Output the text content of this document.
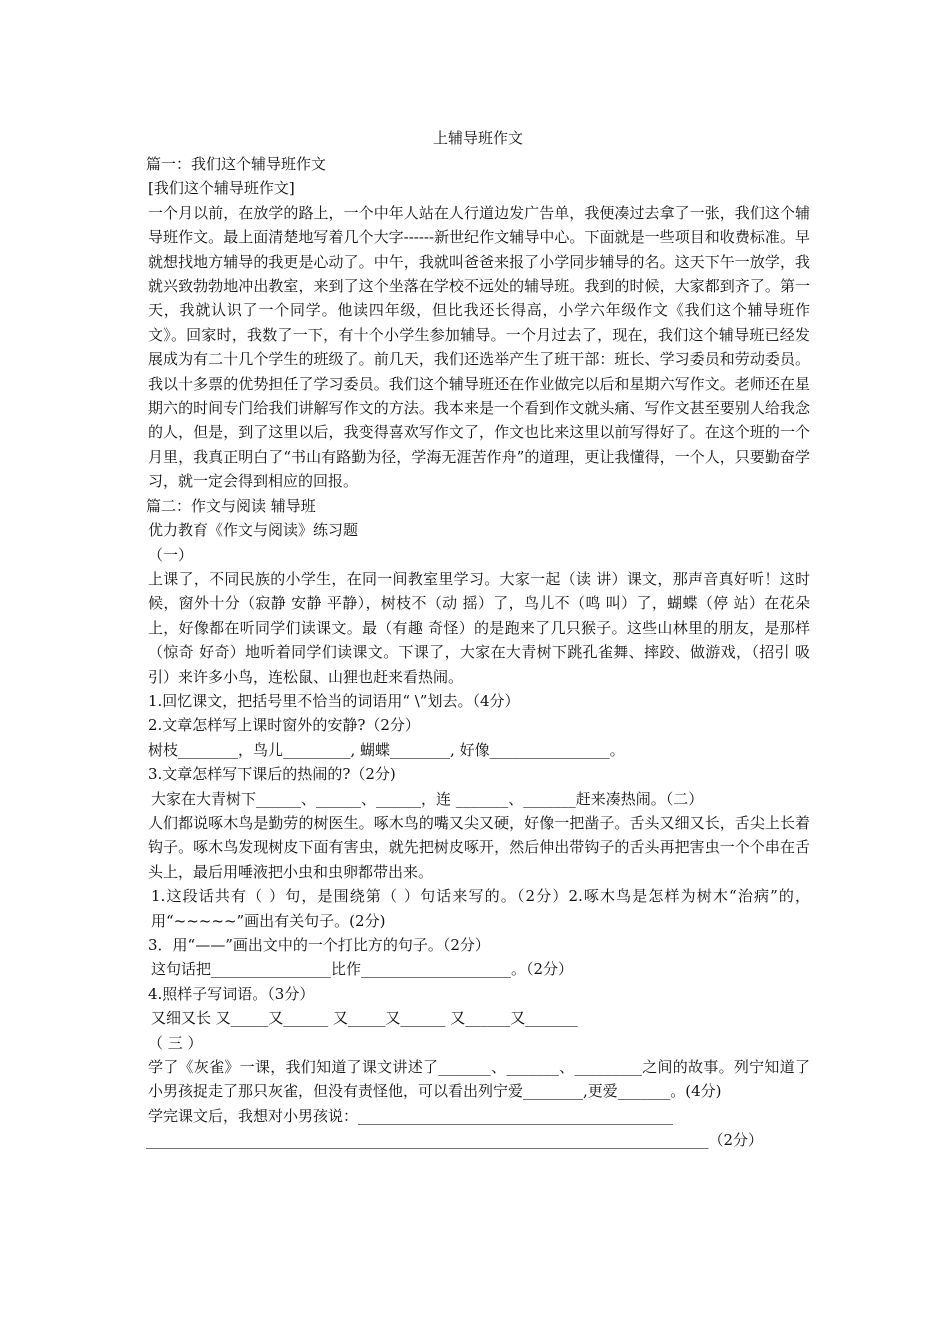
上辅导班作文

篇一：我们这个辅导班作文

[我们这个辅导班作文]

一个月以前，在放学的路上，一个中年人站在人行道边发广告单，我便凑过去拿了一张，我们这个辅导班作文。最上面清楚地写着几个大字------新世纪作文辅导中心。下面就是一些项目和收费标准。早就想找地方辅导的我更是心动了。中午，我就叫爸爸来报了小学同步辅导的名。这天下午一放学，我就兴致勃勃地冲出教室，来到了这个坐落在学校不远处的辅导班。我到的时候，大家都到齐了。第一天，我就认识了一个同学。他读四年级，但比我还长得高，小学六年级作文《我们这个辅导班作文》。回家时，我数了一下，有十个小学生参加辅导。一个月过去了，现在，我们这个辅导班已经发展成为有二十几个学生的班级了。前几天，我们还选举产生了班干部：班长、学习委员和劳动委员。我以十多票的优势担任了学习委员。我们这个辅导班还在作业做完以后和星期六写作文。老师还在星期六的时间专门给我们讲解写作文的方法。我本来是一个看到作文就头痛、写作文甚至要别人给我念的人，但是，到了这里以后，我变得喜欢写作文了，作文也比来这里以前写得好了。在这个班的一个月里，我真正明白了“书山有路勤为径，学海无涯苦作舟”的道理，更让我懂得，一个人，只要勤奋学习，就一定会得到相应的回报。

篇二：作文与阅读 辅导班

优力教育《作文与阅读》练习题

（一）

上课了，不同民族的小学生，在同一间教室里学习。大家一起（读 讲）课文，那声音真好听！这时候，窗外十分（寂静 安静 平静），树枝不（动 摇）了，鸟儿不（鸣 叫）了，蝴蝶（停 站）在花朵上，好像都在听同学们读课文。最（有趣 奇怪）的是跑来了几只猴子。这些山林里的朋友，是那样（惊奇 好奇）地听着同学们读课文。下课了，大家在大青树下跳孔雀舞、摔跤、做游戏，（招引 吸引）来许多小鸟，连松鼠、山狸也赶来看热闹。

1.回忆课文，把括号里不恰当的词语用“ \”划去。（4分）

2.文章怎样写上课时窗外的安静?（2分）

树枝________，鸟儿_________, 蝴蝶________, 好像________________。

3.文章怎样写下课后的热闹的?（2分)

大家在大青树下______、______、______，连 _______、_______赶来凑热闹。（二）

人们都说啄木鸟是勤劳的树医生。啄木鸟的嘴又尖又硬，好像一把凿子。舌头又细又长，舌尖上长着钩子。啄木鸟发现树皮下面有害虫，就先把树皮啄开，然后伸出带钩子的舌头再把害虫一个个串在舌头上，最后用唾液把小虫和虫卵都带出来。

1.这段话共有（ ）句，是围绕第（ ）句话来写的。（2分）2.啄木鸟是怎样为树木“治病”的，用“~~~~~”画出有关句子。(2分)

3．用“——”画出文中的一个打比方的句子。（2分）

这句话把________________比作____________________。（2分）

4.照样子写词语。（3分）

又细又长 又_____又______ 又_____又______ 又______又_______

（ 三 ）

学了《灰雀》一课，我们知道了课文讲述了_______、_______、_________之间的故事。列宁知道了小男孩捉走了那只灰雀，但没有责怪他，可以看出列宁爱________,更爱_______。(4分)

学完课文后，我想对小男孩说：__________________________________________

___________________________________________________________________________（2分）
